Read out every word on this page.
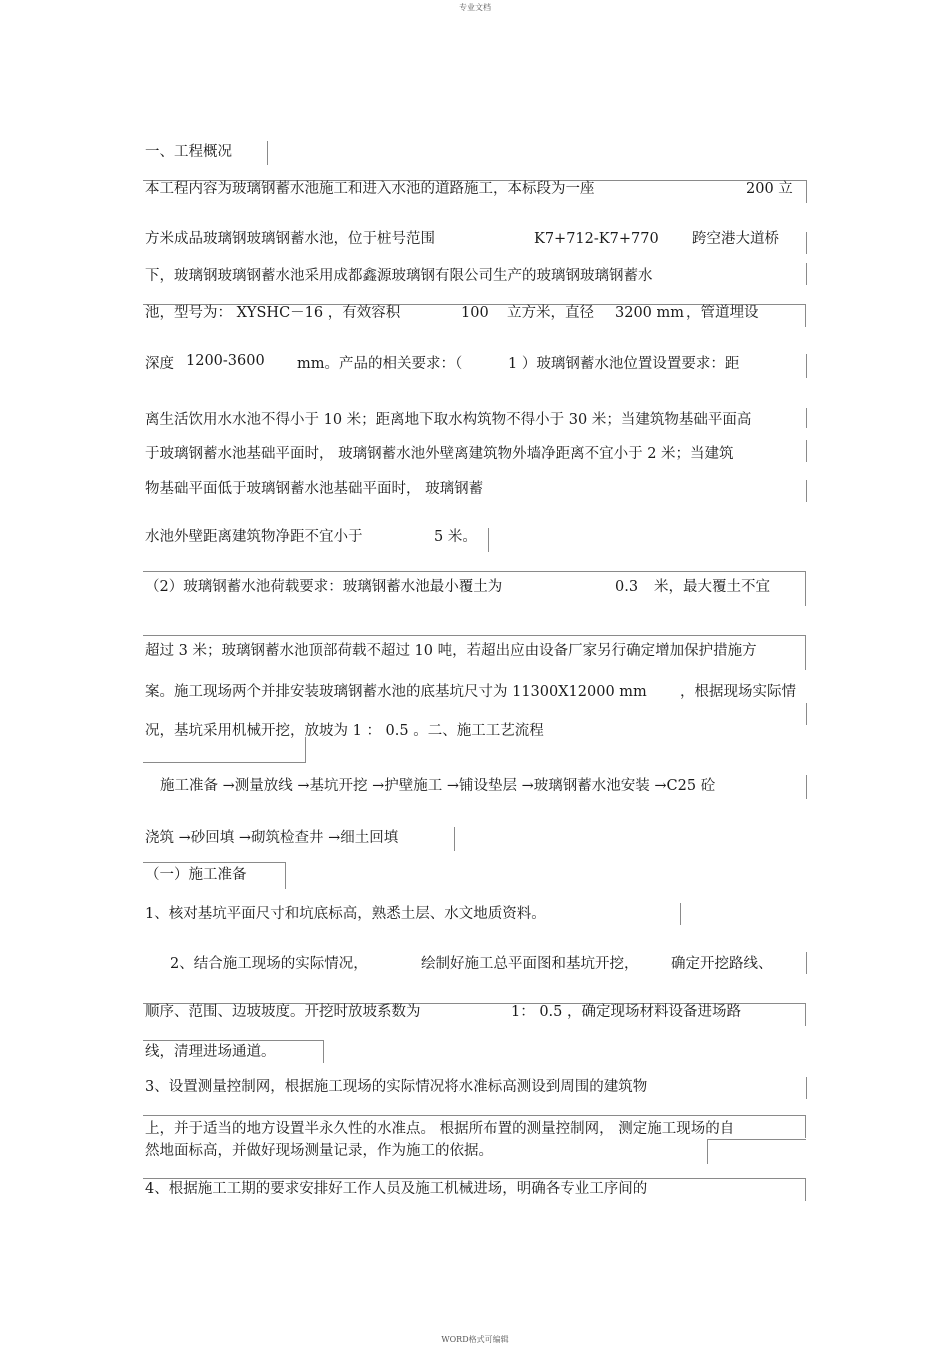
专业文档
一、工程概况
本工程内容为玻璃钢蓄水池施工和进入水池的道路施工，本标段为一座	200 立
方米成品玻璃钢玻璃钢蓄水池，位于桩号范围	K7+712-K7+770 跨空港大道桥
下，玻璃钢玻璃钢蓄水池采用成都鑫源玻璃钢有限公司生产的玻璃钢玻璃钢蓄水
池，型号为： XYSHC－16 ，有效容积	100 立方米，直径 3200 mm ，管道埋设
深度 1200-3600 mm。产品的相关要求：（	1 ）玻璃钢蓄水池位置设置要求：距
离生活饮用水水池不得小于 10 米；距离地下取水构筑物不得小于 30 米；当建筑物基础平面高
于玻璃钢蓄水池基础平面时， 玻璃钢蓄水池外壁离建筑物外墙净距离不宜小于 2 米；当建筑
物基础平面低于玻璃钢蓄水池基础平面时， 玻璃钢蓄
水池外壁距离建筑物净距不宜小于	5 米。
（2）玻璃钢蓄水池荷载要求：玻璃钢蓄水池最小覆土为	0.3 米，最大覆土不宜
超过 3 米；玻璃钢蓄水池顶部荷载不超过 10 吨，若超出应由设备厂家另行确定增加保护措施方
案。施工现场两个并排安装玻璃钢蓄水池的底基坑尺寸为 11300X12000 mm ，根据现场实际情
况，基坑采用机械开挖，放坡为 1 ： 0.5 。二、施工工艺流程
施工准备 →测量放线 →基坑开挖 →护壁施工 →铺设垫层 →玻璃钢蓄水池安装 →C25 砼
浇筑 →砂回填 →砌筑检查井 →细土回填
（一）施工准备
1、核对基坑平面尺寸和坑底标高，熟悉土层、水文地质资料。
2、结合施工现场的实际情况，	绘制好施工总平面图和基坑开挖， 确定开挖路线、
顺序、范围、边坡坡度。开挖时放坡系数为	1： 0.5 ，确定现场材料设备进场路
线，清理进场通道。
3、设置测量控制网，根据施工现场的实际情况将水准标高测设到周围的建筑物
上，并于适当的地方设置半永久性的水准点。 根据所布置的测量控制网， 测定施工现场的自
然地面标高，并做好现场测量记录，作为施工的依据。
4、根据施工工期的要求安排好工作人员及施工机械进场，明确各专业工序间的
WORD格式可编辑
